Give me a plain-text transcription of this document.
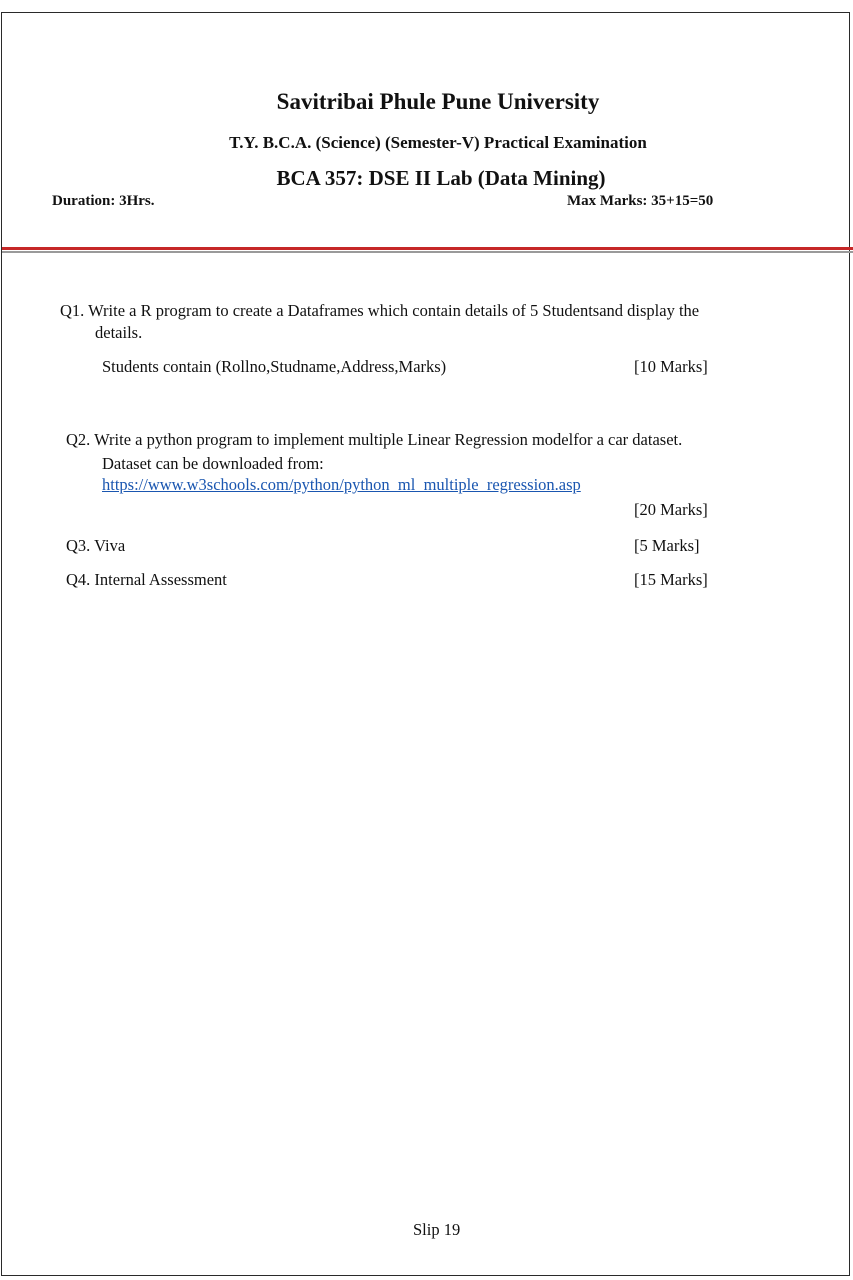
Savitribai Phule Pune University
T.Y. B.C.A. (Science) (Semester-V) Practical Examination
BCA 357: DSE II Lab (Data Mining)
Duration: 3Hrs.	Max Marks: 35+15=50
Q1. Write a R program to create a Dataframes which contain details of 5 Studentsand display the
details.
Students contain (Rollno,Studname,Address,Marks)	[10 Marks]
Q2. Write a python program to implement multiple Linear Regression modelfor a car dataset.
Dataset can be downloaded from:
https://www.w3schools.com/python/python_ml_multiple_regression.asp
[20 Marks]
Q3. Viva	[5 Marks]
Q4. Internal Assessment	[15 Marks]
Slip 19
